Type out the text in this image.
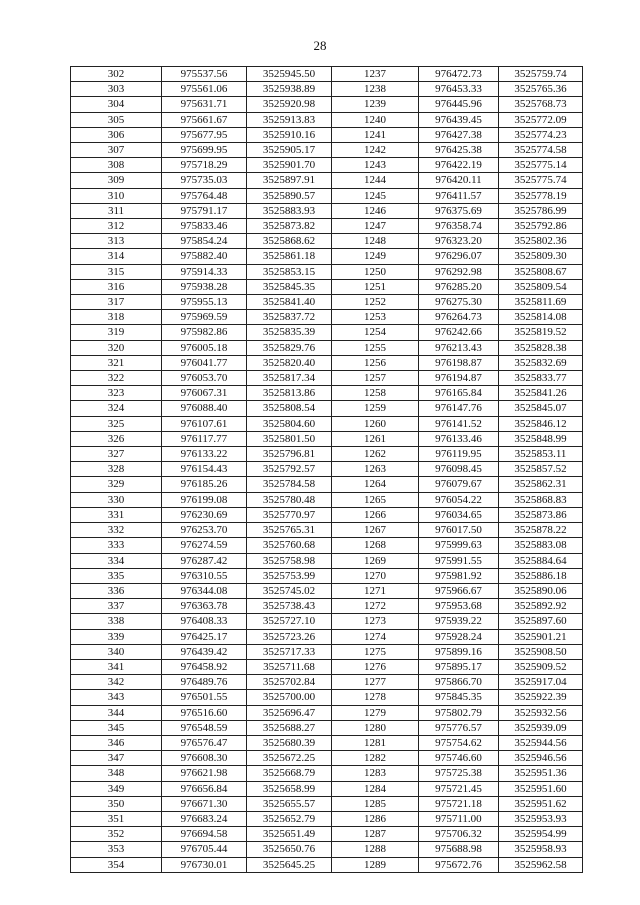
28
302	975537.56	3525945.50	1237	976472.73	3525759.74
303	975561.06	3525938.89	1238	976453.33	3525765.36
304	975631.71	3525920.98	1239	976445.96	3525768.73
305	975661.67	3525913.83	1240	976439.45	3525772.09
306	975677.95	3525910.16	1241	976427.38	3525774.23
307	975699.95	3525905.17	1242	976425.38	3525774.58
308	975718.29	3525901.70	1243	976422.19	3525775.14
309	975735.03	3525897.91	1244	976420.11	3525775.74
310	975764.48	3525890.57	1245	976411.57	3525778.19
311	975791.17	3525883.93	1246	976375.69	3525786.99
312	975833.46	3525873.82	1247	976358.74	3525792.86
313	975854.24	3525868.62	1248	976323.20	3525802.36
314	975882.40	3525861.18	1249	976296.07	3525809.30
315	975914.33	3525853.15	1250	976292.98	3525808.67
316	975938.28	3525845.35	1251	976285.20	3525809.54
317	975955.13	3525841.40	1252	976275.30	3525811.69
318	975969.59	3525837.72	1253	976264.73	3525814.08
319	975982.86	3525835.39	1254	976242.66	3525819.52
320	976005.18	3525829.76	1255	976213.43	3525828.38
321	976041.77	3525820.40	1256	976198.87	3525832.69
322	976053.70	3525817.34	1257	976194.87	3525833.77
323	976067.31	3525813.86	1258	976165.84	3525841.26
324	976088.40	3525808.54	1259	976147.76	3525845.07
325	976107.61	3525804.60	1260	976141.52	3525846.12
326	976117.77	3525801.50	1261	976133.46	3525848.99
327	976133.22	3525796.81	1262	976119.95	3525853.11
328	976154.43	3525792.57	1263	976098.45	3525857.52
329	976185.26	3525784.58	1264	976079.67	3525862.31
330	976199.08	3525780.48	1265	976054.22	3525868.83
331	976230.69	3525770.97	1266	976034.65	3525873.86
332	976253.70	3525765.31	1267	976017.50	3525878.22
333	976274.59	3525760.68	1268	975999.63	3525883.08
334	976287.42	3525758.98	1269	975991.55	3525884.64
335	976310.55	3525753.99	1270	975981.92	3525886.18
336	976344.08	3525745.02	1271	975966.67	3525890.06
337	976363.78	3525738.43	1272	975953.68	3525892.92
338	976408.33	3525727.10	1273	975939.22	3525897.60
339	976425.17	3525723.26	1274	975928.24	3525901.21
340	976439.42	3525717.33	1275	975899.16	3525908.50
341	976458.92	3525711.68	1276	975895.17	3525909.52
342	976489.76	3525702.84	1277	975866.70	3525917.04
343	976501.55	3525700.00	1278	975845.35	3525922.39
344	976516.60	3525696.47	1279	975802.79	3525932.56
345	976548.59	3525688.27	1280	975776.57	3525939.09
346	976576.47	3525680.39	1281	975754.62	3525944.56
347	976608.30	3525672.25	1282	975746.60	3525946.56
348	976621.98	3525668.79	1283	975725.38	3525951.36
349	976656.84	3525658.99	1284	975721.45	3525951.60
350	976671.30	3525655.57	1285	975721.18	3525951.62
351	976683.24	3525652.79	1286	975711.00	3525953.93
352	976694.58	3525651.49	1287	975706.32	3525954.99
353	976705.44	3525650.76	1288	975688.98	3525958.93
354	976730.01	3525645.25	1289	975672.76	3525962.58
